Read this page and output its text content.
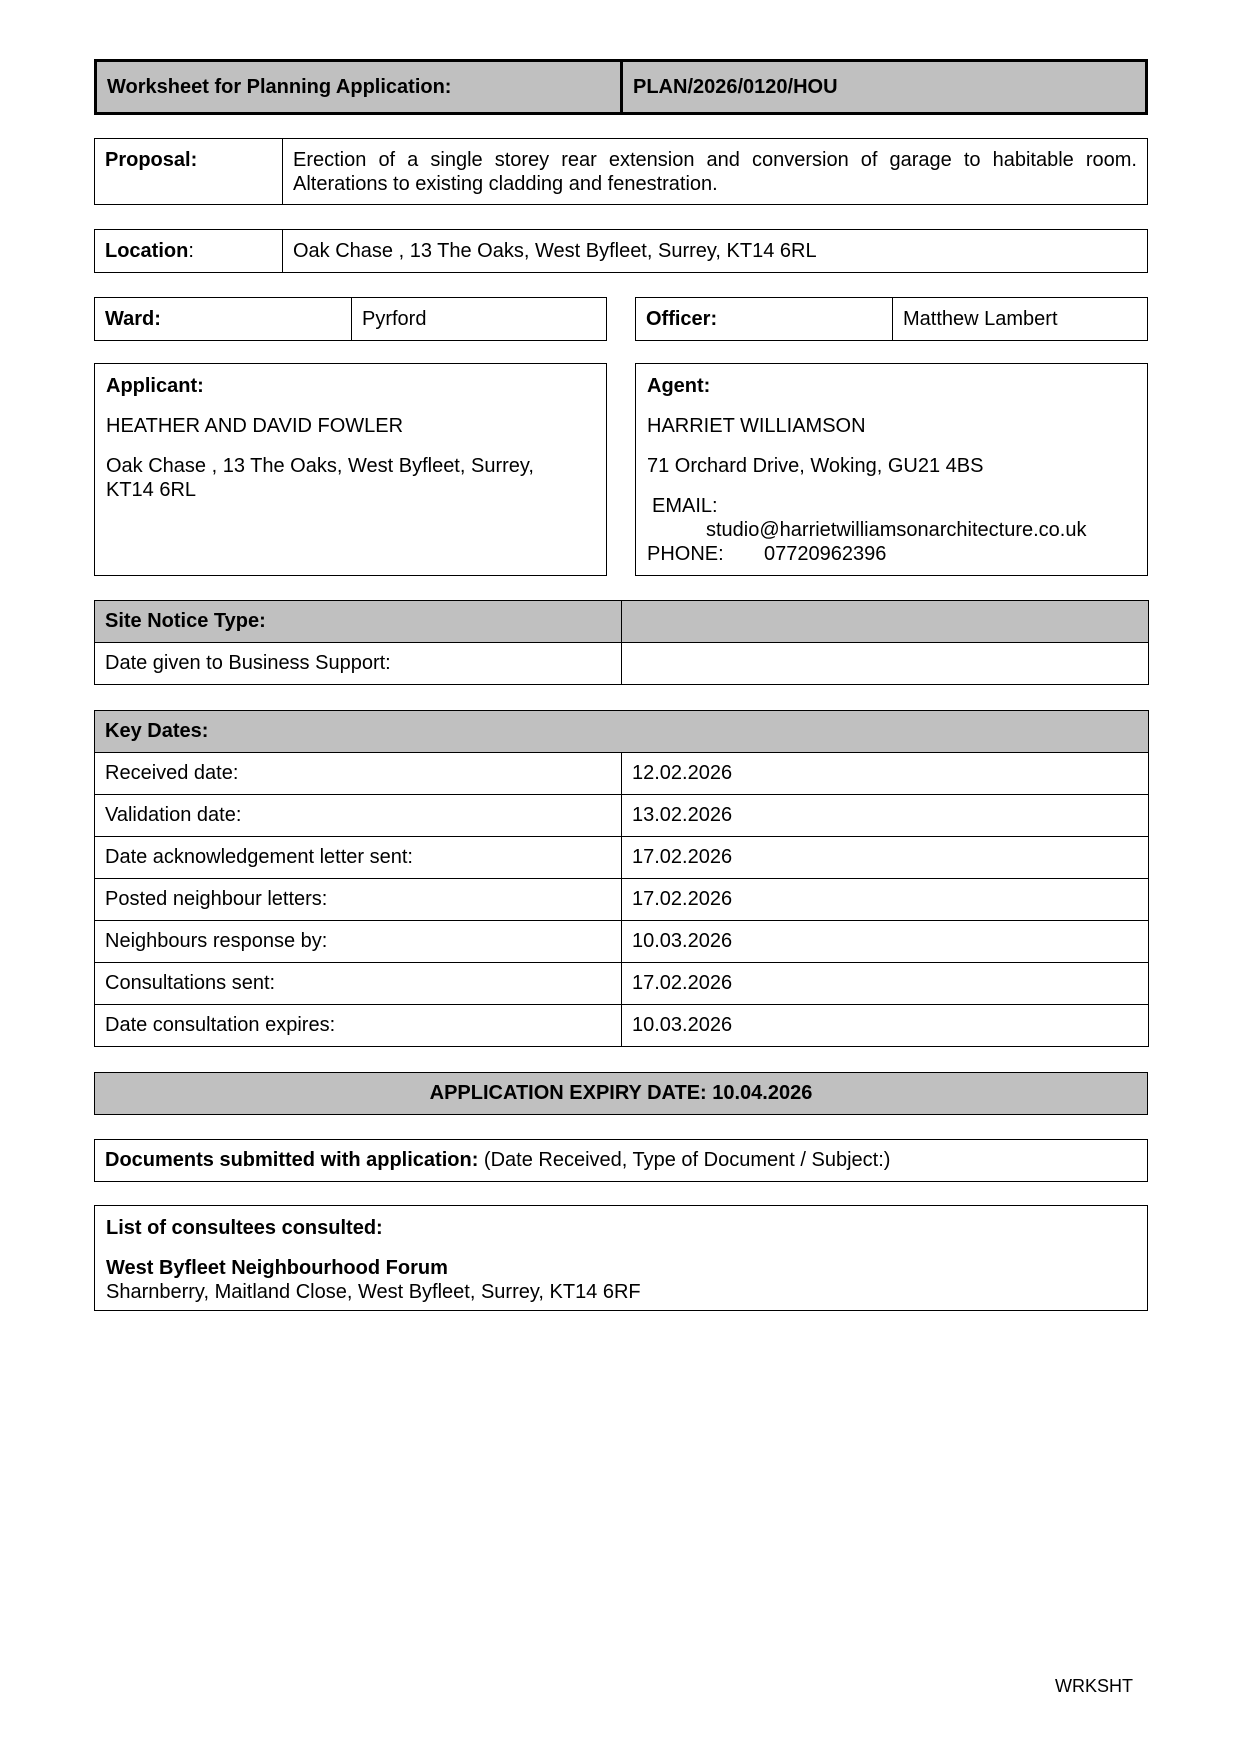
Worksheet for Planning Application:	PLAN/2026/0120/HOU
Proposal:	Erection of a single storey rear extension and conversion of garage to habitable room. Alterations to existing cladding and fenestration.
Location:	Oak Chase , 13 The Oaks, West Byfleet, Surrey, KT14 6RL
Ward:	Pyrford	Officer:	Matthew Lambert

Applicant:

HEATHER AND DAVID FOWLER

Oak Chase , 13 The Oaks, West Byfleet, Surrey,

KT14 6RL

Agent:

HARRIET WILLIAMSON

71 Orchard Drive, Woking, GU21 4BS

EMAIL:

studio@harrietwilliamsonarchitecture.co.uk

PHONE: 07720962396

Site Notice Type:	
Date given to Business Support:	
Key Dates:	
Received date:	12.02.2026
Validation date:	13.02.2026
Date acknowledgement letter sent:	17.02.2026
Posted neighbour letters:	17.02.2026
Neighbours response by:	10.03.2026
Consultations sent:	17.02.2026
Date consultation expires:	10.03.2026
APPLICATION EXPIRY DATE: 10.04.2026
Documents submitted with application: (Date Received, Type of Document / Subject:)

List of consultees consulted:

West Byfleet Neighbourhood Forum

Sharnberry, Maitland Close, West Byfleet, Surrey, KT14 6RF

WRKSHT
